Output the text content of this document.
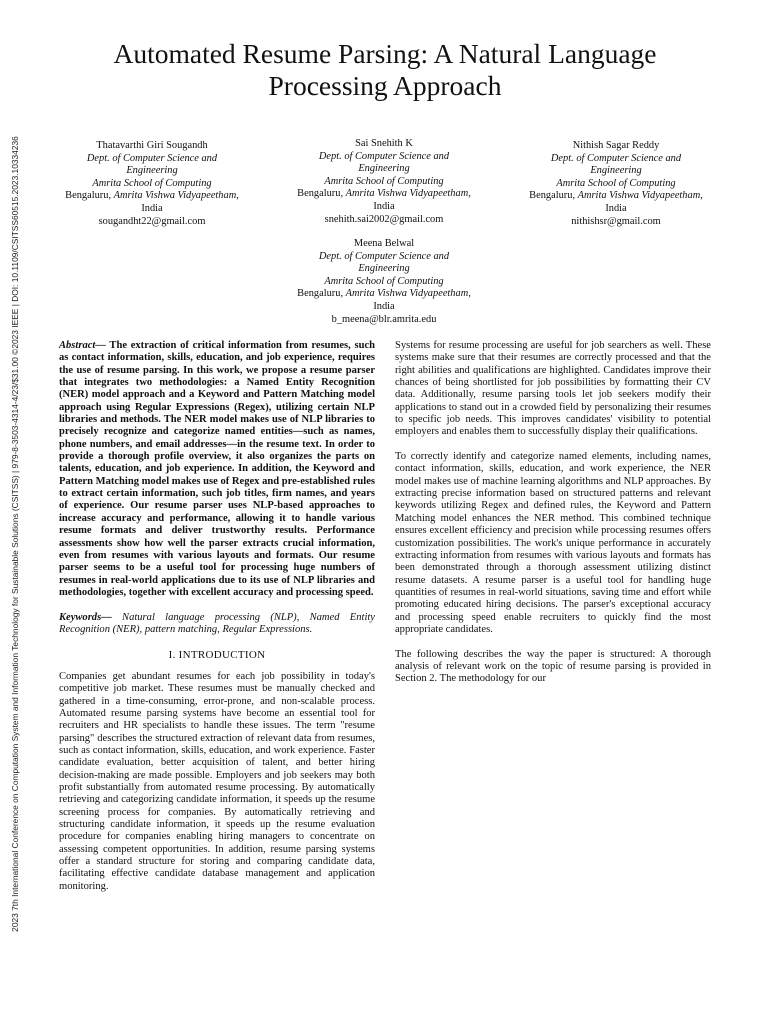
2023 7th International Conference on Computation System and Information Technology for Sustainable Solutions (CSITSS) | 979-8-3503-4314-4/23/$31.00 ©2023 IEEE | DOI: 10.1109/CSITSS60515.2023.10334236
Automated Resume Parsing: A Natural Language Processing Approach
Thatavarthi Giri Sougandh
Dept. of Computer Science and Engineering
Amrita School of Computing
Bengaluru, Amrita Vishwa Vidyapeetham, India
sougandht22@gmail.com
Sai Snehith K
Dept. of Computer Science and Engineering
Amrita School of Computing
Bengaluru, Amrita Vishwa Vidyapeetham, India
snehith.sai2002@gmail.com
Nithish Sagar Reddy
Dept. of Computer Science and Engineering
Amrita School of Computing
Bengaluru, Amrita Vishwa Vidyapeetham, India
nithishsr@gmail.com
Meena Belwal
Dept. of Computer Science and Engineering
Amrita School of Computing
Bengaluru, Amrita Vishwa Vidyapeetham, India
b_meena@blr.amrita.edu

Abstract— The extraction of critical information from resumes, such as contact information, skills, education, and job experience, requires the use of resume parsing. In this work, we propose a resume parser that integrates two methodologies: a Named Entity Recognition (NER) model approach and a Keyword and Pattern Matching model approach using Regular Expressions (Regex), utilizing certain NLP libraries and methods. The NER model makes use of NLP libraries to precisely recognize and categorize named entities—such as names, phone numbers, and email addresses—in the resume text. In order to provide a thorough profile overview, it also organizes the parts on talents, education, and job experience. In addition, the Keyword and Pattern Matching model makes use of Regex and pre-established rules to extract certain information, such job titles, firm names, and years of experience. Our resume parser uses NLP-based approaches to increase accuracy and performance, allowing it to handle various resume formats and deliver trustworthy results. Performance assessments show how well the parser extracts crucial information, even from resumes with various layouts and formats. Our resume parser seems to be a useful tool for processing huge numbers of resumes in real-world applications due to its use of NLP libraries and methodologies, together with excellent accuracy and processing speed.

Keywords— Natural language processing (NLP), Named Entity Recognition (NER), pattern matching, Regular Expressions.

I. INTRODUCTION

Companies get abundant resumes for each job possibility in today's competitive job market. These resumes must be manually checked and gathered in a time-consuming, error-prone, and non-scalable process. Automated resume parsing systems have become an essential tool for recruiters and HR specialists to handle these issues. The term "resume parsing" describes the structured extraction of relevant data from resumes, such as contact information, skills, education, and work experience. Faster candidate evaluation, better acquisition of talent, and better hiring decision-making are made possible. Employers and job seekers may both profit substantially from automated resume processing. By automatically retrieving and categorizing candidate information, it speeds up the resume screening process for companies. By automatically retrieving and structuring candidate information, it speeds up the resume evaluation procedure for companies enabling hiring managers to concentrate on assessing competent opportunities. In addition, resume parsing systems offer a standard structure for storing and comparing candidate data, facilitating effective candidate database management and application monitoring.

Systems for resume processing are useful for job searchers as well. These systems make sure that their resumes are correctly processed and that the right abilities and qualifications are highlighted. Candidates improve their chances of being shortlisted for job possibilities by formatting their CV data. Additionally, resume parsing tools let job seekers modify their applications to stand out in a crowded field by personalizing their resumes to specific job needs. This improves candidates' visibility to potential employers and enables them to successfully display their qualifications.

To correctly identify and categorize named elements, including names, contact information, skills, education, and work experience, the NER model makes use of machine learning algorithms and NLP approaches. By extracting precise information based on structured patterns and relevant keywords utilizing Regex and defined rules, the Keyword and Pattern Matching model enhances the NER method. This combined technique ensures excellent efficiency and precision while processing resumes offers customization possibilities. The work's unique performance in accurately extracting information from resumes with various layouts and formats has been demonstrated through a thorough assessment utilizing distinct resume datasets. A resume parser is a useful tool for handling huge quantities of resumes in real-world situations, saving time and effort while promoting educated hiring decisions. The parser's exceptional accuracy and processing speed enable recruiters to quickly find the most appropriate candidates.

The following describes the way the paper is structured: A thorough analysis of relevant work on the topic of resume parsing is provided in Section 2. The methodology for our
